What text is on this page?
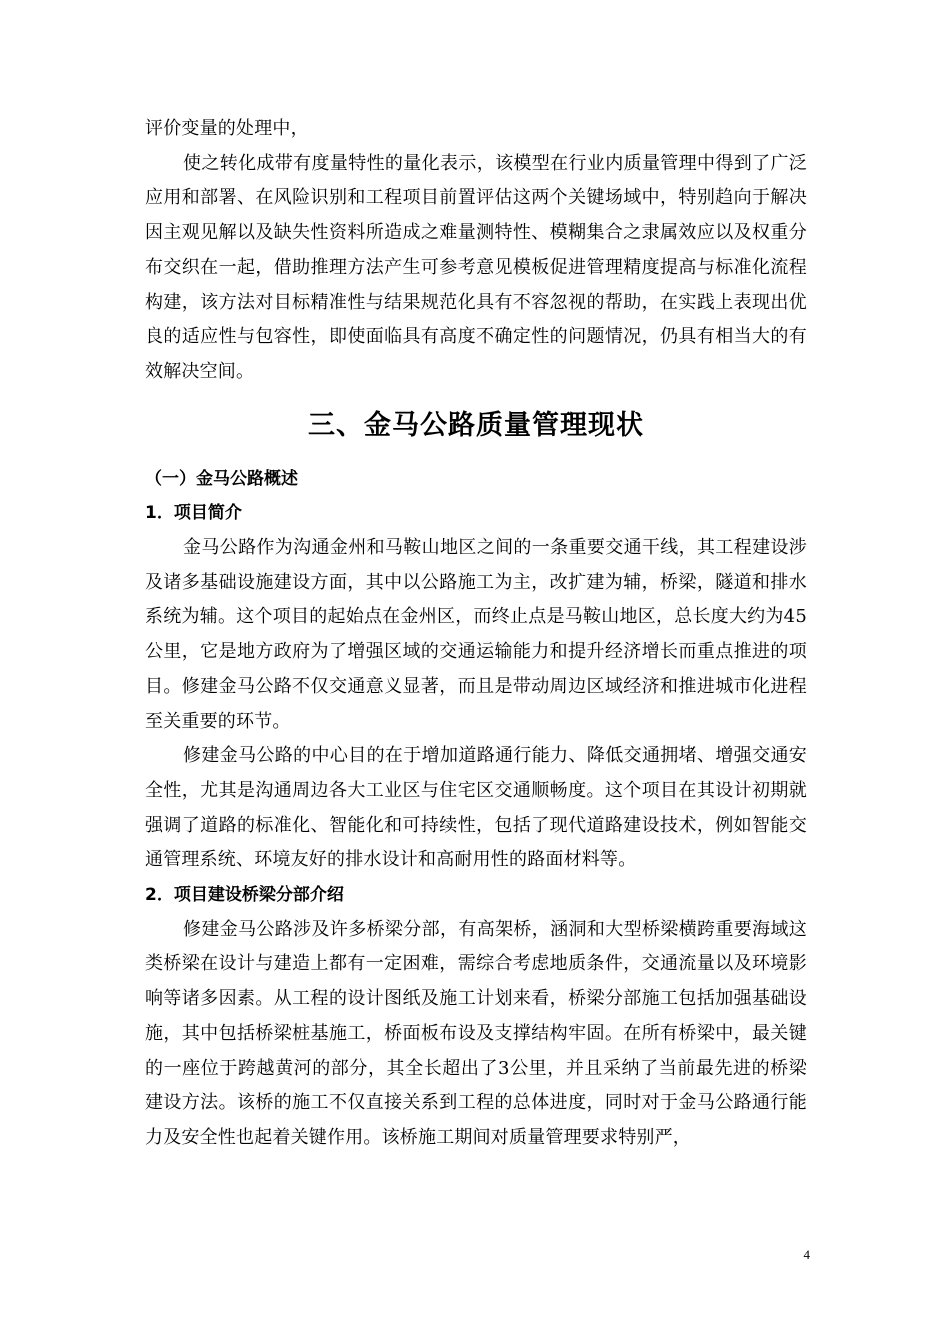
评价变量的处理中，

使之转化成带有度量特性的量化表示，该模型在行业内质量管理中得到了广泛应用和部署、在风险识别和工程项目前置评估这两个关键场域中，特别趋向于解决因主观见解以及缺失性资料所造成之难量测特性、模糊集合之隶属效应以及权重分布交织在一起，借助推理方法产生可参考意见模板促进管理精度提高与标准化流程构建，该方法对目标精准性与结果规范化具有不容忽视的帮助，在实践上表现出优良的适应性与包容性，即使面临具有高度不确定性的问题情况，仍具有相当大的有效解决空间。

三、金马公路质量管理现状
（一）金马公路概述
1．项目简介

金马公路作为沟通金州和马鞍山地区之间的一条重要交通干线，其工程建设涉及诸多基础设施建设方面，其中以公路施工为主，改扩建为辅，桥梁，隧道和排水系统为辅。这个项目的起始点在金州区，而终止点是马鞍山地区，总长度大约为45公里，它是地方政府为了增强区域的交通运输能力和提升经济增长而重点推进的项目。修建金马公路不仅交通意义显著，而且是带动周边区域经济和推进城市化进程至关重要的环节。

修建金马公路的中心目的在于增加道路通行能力、降低交通拥堵、增强交通安全性，尤其是沟通周边各大工业区与住宅区交通顺畅度。这个项目在其设计初期就强调了道路的标准化、智能化和可持续性，包括了现代道路建设技术，例如智能交通管理系统、环境友好的排水设计和高耐用性的路面材料等。

2．项目建设桥梁分部介绍

修建金马公路涉及许多桥梁分部，有高架桥，涵洞和大型桥梁横跨重要海域这类桥梁在设计与建造上都有一定困难，需综合考虑地质条件，交通流量以及环境影响等诸多因素。从工程的设计图纸及施工计划来看，桥梁分部施工包括加强基础设施，其中包括桥梁桩基施工，桥面板布设及支撑结构牢固。在所有桥梁中，最关键的一座位于跨越黄河的部分，其全长超出了3公里，并且采纳了当前最先进的桥梁建设方法。该桥的施工不仅直接关系到工程的总体进度，同时对于金马公路通行能力及安全性也起着关键作用。该桥施工期间对质量管理要求特别严，

4
